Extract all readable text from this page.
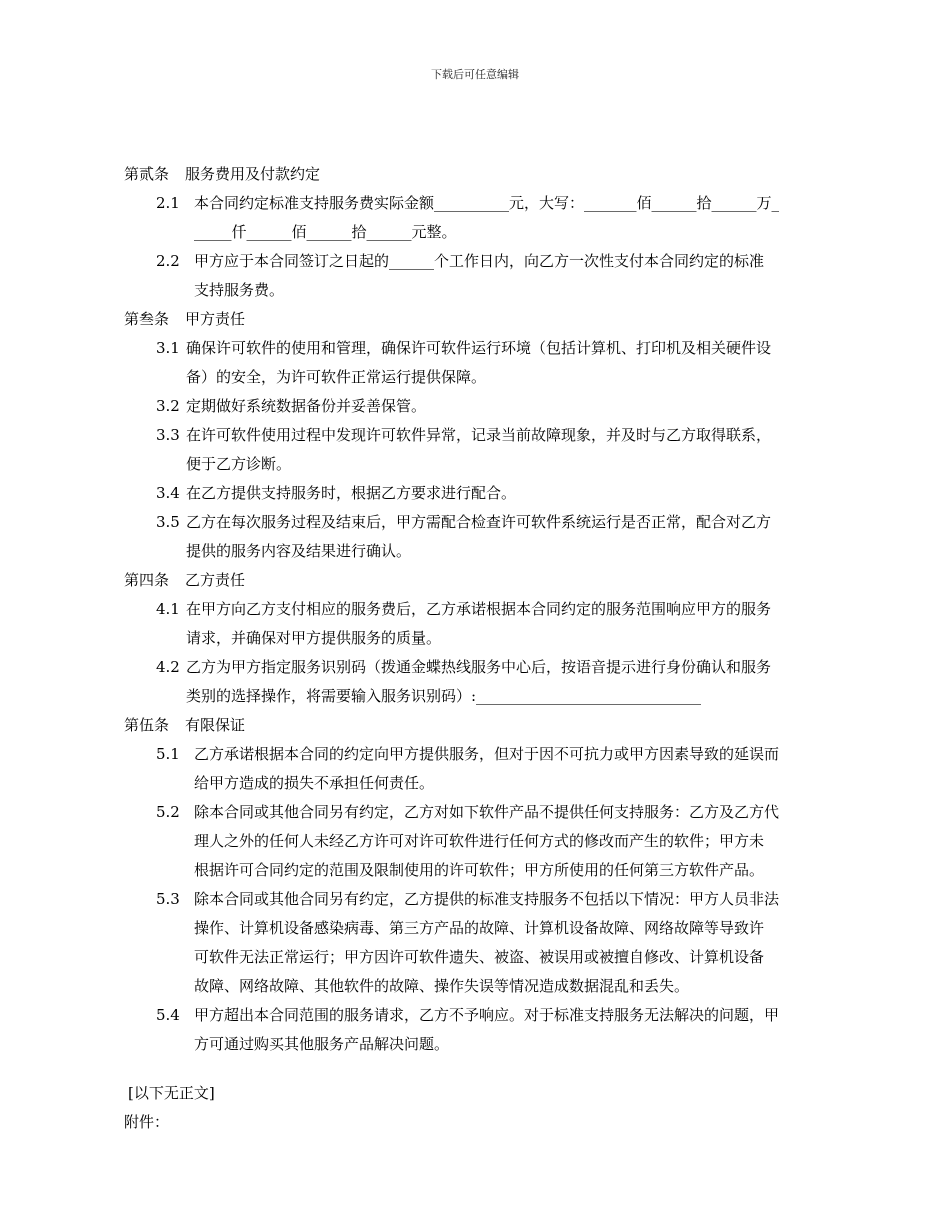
下载后可任意编辑
第贰条 服务费用及付款约定
2.1 本合同约定标准支持服务费实际金额__________元，大写：_______佰______拾______万_
_____仟______佰______拾______元整。
2.2 甲方应于本合同签订之日起的______个工作日内，向乙方一次性支付本合同约定的标准
支持服务费。
第叁条 甲方责任
3.1 确保许可软件的使用和管理，确保许可软件运行环境（包括计算机、打印机及相关硬件设
备）的安全，为许可软件正常运行提供保障。
3.2 定期做好系统数据备份并妥善保管。
3.3 在许可软件使用过程中发现许可软件异常，记录当前故障现象，并及时与乙方取得联系，
便于乙方诊断。
3.4 在乙方提供支持服务时，根据乙方要求进行配合。
3.5 乙方在每次服务过程及结束后，甲方需配合检查许可软件系统运行是否正常，配合对乙方
提供的服务内容及结果进行确认。
第四条 乙方责任
4.1 在甲方向乙方支付相应的服务费后，乙方承诺根据本合同约定的服务范围响应甲方的服务
请求，并确保对甲方提供服务的质量。
4.2 乙方为甲方指定服务识别码（拨通金蝶热线服务中心后，按语音提示进行身份确认和服务
类别的选择操作，将需要输入服务识别码）:______________________________
第伍条 有限保证
5.1 乙方承诺根据本合同的约定向甲方提供服务，但对于因不可抗力或甲方因素导致的延误而
给甲方造成的损失不承担任何责任。
5.2 除本合同或其他合同另有约定，乙方对如下软件产品不提供任何支持服务：乙方及乙方代
理人之外的任何人未经乙方许可对许可软件进行任何方式的修改而产生的软件；甲方未
根据许可合同约定的范围及限制使用的许可软件；甲方所使用的任何第三方软件产品。
5.3 除本合同或其他合同另有约定，乙方提供的标准支持服务不包括以下情况：甲方人员非法
操作、计算机设备感染病毒、第三方产品的故障、计算机设备故障、网络故障等导致许
可软件无法正常运行；甲方因许可软件遗失、被盗、被误用或被擅自修改、计算机设备
故障、网络故障、其他软件的故障、操作失误等情况造成数据混乱和丢失。
5.4 甲方超出本合同范围的服务请求，乙方不予响应。对于标准支持服务无法解决的问题，甲
方可通过购买其他服务产品解决问题。
[以下无正文]
附件：
